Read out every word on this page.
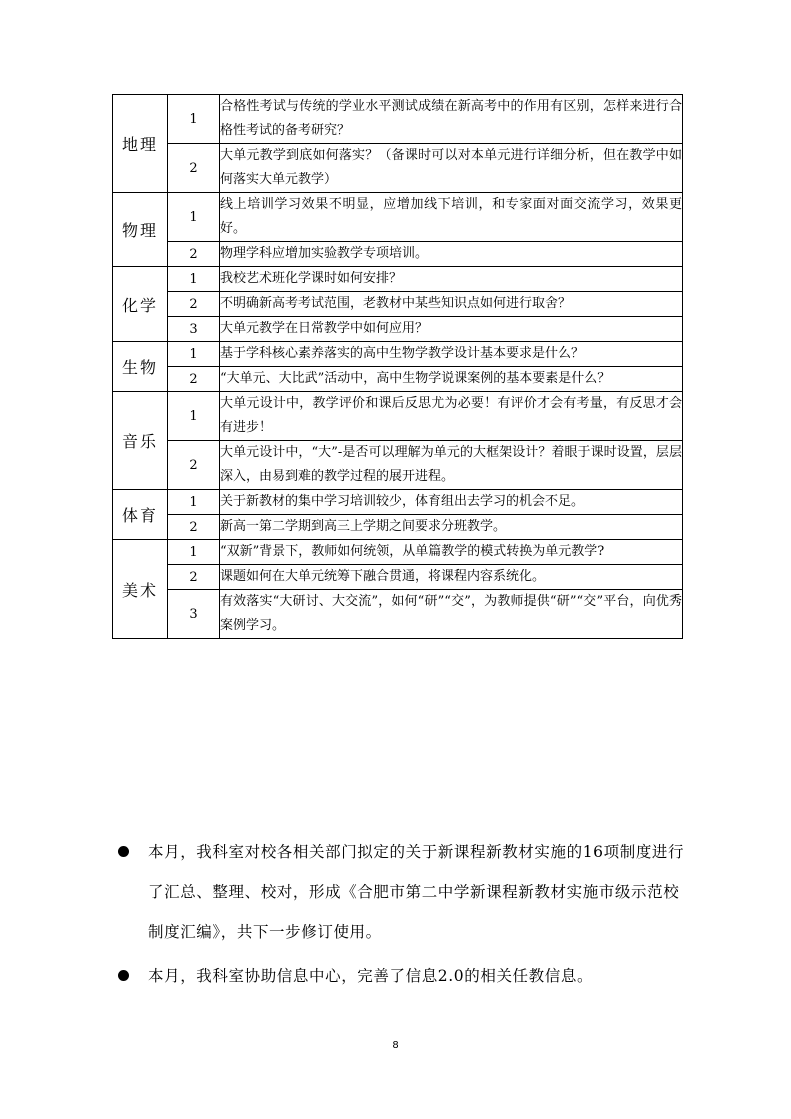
地理	1	合格性考试与传统的学业水平测试成绩在新高考中的作用有区别，怎样来进行合格性考试的备考研究？
	2	大单元教学到底如何落实？（备课时可以对本单元进行详细分析，但在教学中如何落实大单元教学）
物理	1	线上培训学习效果不明显，应增加线下培训，和专家面对面交流学习，效果更好。
	2	物理学科应增加实验教学专项培训。
化学	1	我校艺术班化学课时如何安排？
	2	不明确新高考考试范围，老教材中某些知识点如何进行取舍？
	3	大单元教学在日常教学中如何应用？
生物	1	基于学科核心素养落实的高中生物学教学设计基本要求是什么？
	2	“大单元、大比武”活动中，高中生物学说课案例的基本要素是什么？
音乐	1	大单元设计中，教学评价和课后反思尤为必要！有评价才会有考量，有反思才会有进步！
	2	大单元设计中，“大”-是否可以理解为单元的大框架设计？着眼于课时设置，层层深入，由易到难的教学过程的展开进程。
体育	1	关于新教材的集中学习培训较少，体育组出去学习的机会不足。
	2	新高一第二学期到高三上学期之间要求分班教学。
美术	1	“双新”背景下，教师如何统领，从单篇教学的模式转换为单元教学?
	2	课题如何在大单元统筹下融合贯通，将课程内容系统化。
	3	有效落实“大研讨、大交流”，如何“研”“交”，为教师提供“研”“交”平台，向优秀案例学习。
本月，我科室对校各相关部门拟定的关于新课程新教材实施的16项制度进行了汇总、整理、校对，形成《合肥市第二中学新课程新教材实施市级示范校制度汇编》，共下一步修订使用。
本月，我科室协助信息中心，完善了信息2.0的相关任教信息。
8
